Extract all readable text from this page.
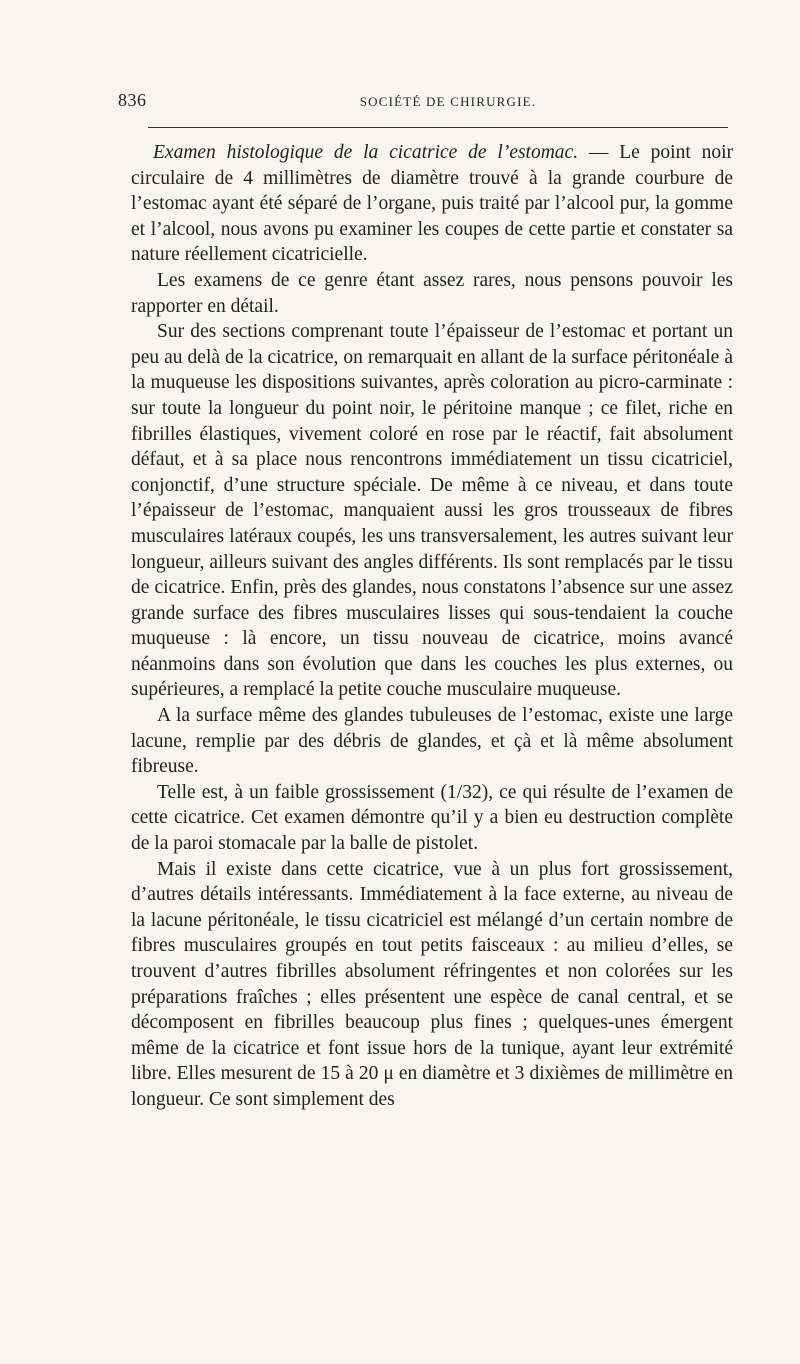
836	SOCIÉTÉ DE CHIRURGIE.

Examen histologique de la cicatrice de l’estomac. — Le point noir circulaire de 4 millimètres de diamètre trouvé à la grande courbure de l’estomac ayant été séparé de l’organe, puis traité par l’alcool pur, la gomme et l’alcool, nous avons pu examiner les coupes de cette partie et constater sa nature réellement cicatricielle.

Les examens de ce genre étant assez rares, nous pensons pouvoir les rapporter en détail.

Sur des sections comprenant toute l’épaisseur de l’estomac et portant un peu au delà de la cicatrice, on remarquait en allant de la surface péritonéale à la muqueuse les dispositions suivantes, après coloration au picro-carminate : sur toute la longueur du point noir, le péritoine manque ; ce filet, riche en fibrilles élastiques, vivement coloré en rose par le réactif, fait absolument défaut, et à sa place nous rencontrons immédiatement un tissu cicatriciel, conjonctif, d’une structure spéciale. De même à ce niveau, et dans toute l’épaisseur de l’estomac, manquaient aussi les gros trousseaux de fibres musculaires latéraux coupés, les uns transversalement, les autres suivant leur longueur, ailleurs suivant des angles différents. Ils sont remplacés par le tissu de cicatrice. Enfin, près des glandes, nous constatons l’absence sur une assez grande surface des fibres musculaires lisses qui sous-tendaient la couche muqueuse : là encore, un tissu nouveau de cicatrice, moins avancé néanmoins dans son évolution que dans les couches les plus externes, ou supérieures, a remplacé la petite couche musculaire muqueuse.

A la surface même des glandes tubuleuses de l’estomac, existe une large lacune, remplie par des débris de glandes, et çà et là même absolument fibreuse.

Telle est, à un faible grossissement (1/32), ce qui résulte de l’examen de cette cicatrice. Cet examen démontre qu’il y a bien eu destruction complète de la paroi stomacale par la balle de pistolet.

Mais il existe dans cette cicatrice, vue à un plus fort grossissement, d’autres détails intéressants. Immédiatement à la face externe, au niveau de la lacune péritonéale, le tissu cicatriciel est mélangé d’un certain nombre de fibres musculaires groupés en tout petits faisceaux : au milieu d’elles, se trouvent d’autres fibrilles absolument réfringentes et non colorées sur les préparations fraîches ; elles présentent une espèce de canal central, et se décomposent en fibrilles beaucoup plus fines ; quelques-unes émergent même de la cicatrice et font issue hors de la tunique, ayant leur extrémité libre. Elles mesurent de 15 à 20 μ en diamètre et 3 dixièmes de millimètre en longueur. Ce sont simplement des
